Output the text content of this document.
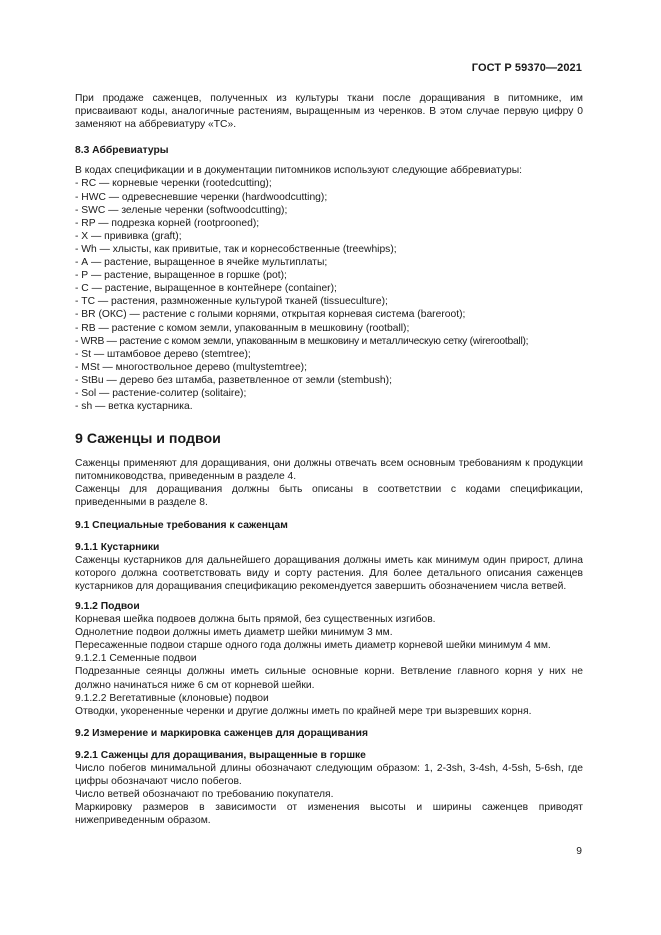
ГОСТ Р 59370—2021

При продаже саженцев, полученных из культуры ткани после доращивания в питомнике, им присваивают коды, аналогичные растениям, выращенным из черенков. В этом случае первую цифру 0 заменяют на аббревиатуру «ТС».

8.3 Аббревиатуры

В кодах спецификации и в документации питомников используют следующие аббревиатуры:

- RC — корневые черенки (rootedcutting);
- HWC — одревесневшие черенки (hardwoodcutting);
- SWC — зеленые черенки (softwoodcutting);
- RP — подрезка корней (rootprooned);
- X — прививка (graft);
- Wh — хлысты, как привитые, так и корнесобственные (treewhips);
- А — растение, выращенное в ячейке мультиплаты;
- Р — растение, выращенное в горшке (pot);
- С — растение, выращенное в контейнере (container);
- ТС — растения, размноженные культурой тканей (tissueculture);
- BR (ОКС) — растение с голыми корнями, открытая корневая система (bareroot);
- RB — растение с комом земли, упакованным в мешковину (rootball);
- WRB — растение с комом земли, упакованным в мешковину и металлическую сетку (wirerootball);
- St — штамбовое дерево (stemtree);
- MSt — многоствольное дерево (multystemtree);
- StBu — дерево без штамба, разветвленное от земли (stembush);
- Sol — растение-солитер (solitaire);
- sh — ветка кустарника.

9 Саженцы и подвои

Саженцы применяют для доращивания, они должны отвечать всем основным требованиям к продукции питомниководства, приведенным в разделе 4.

Саженцы для доращивания должны быть описаны в соответствии с кодами спецификации, приведенными в разделе 8.

9.1 Специальные требования к саженцам

9.1.1 Кустарники

Саженцы кустарников для дальнейшего доращивания должны иметь как минимум один прирост, длина которого должна соответствовать виду и сорту растения. Для более детального описания саженцев кустарников для доращивания спецификацию рекомендуется завершить обозначением числа ветвей.

9.1.2 Подвои

Корневая шейка подвоев должна быть прямой, без существенных изгибов.

Однолетние подвои должны иметь диаметр шейки минимум 3 мм.

Пересаженные подвои старше одного года должны иметь диаметр корневой шейки минимум 4 мм.

9.1.2.1 Семенные подвои

Подрезанные сеянцы должны иметь сильные основные корни. Ветвление главного корня у них не должно начинаться ниже 6 см от корневой шейки.

9.1.2.2 Вегетативные (клоновые) подвои

Отводки, укорененные черенки и другие должны иметь по крайней мере три вызревших корня.

9.2 Измерение и маркировка саженцев для доращивания

9.2.1 Саженцы для доращивания, выращенные в горшке

Число побегов минимальной длины обозначают следующим образом: 1, 2-3sh, 3-4sh, 4-5sh, 5-6sh, где цифры обозначают число побегов.

Число ветвей обозначают по требованию покупателя.

Маркировку размеров в зависимости от изменения высоты и ширины саженцев приводят нижеприведенным образом.

9
